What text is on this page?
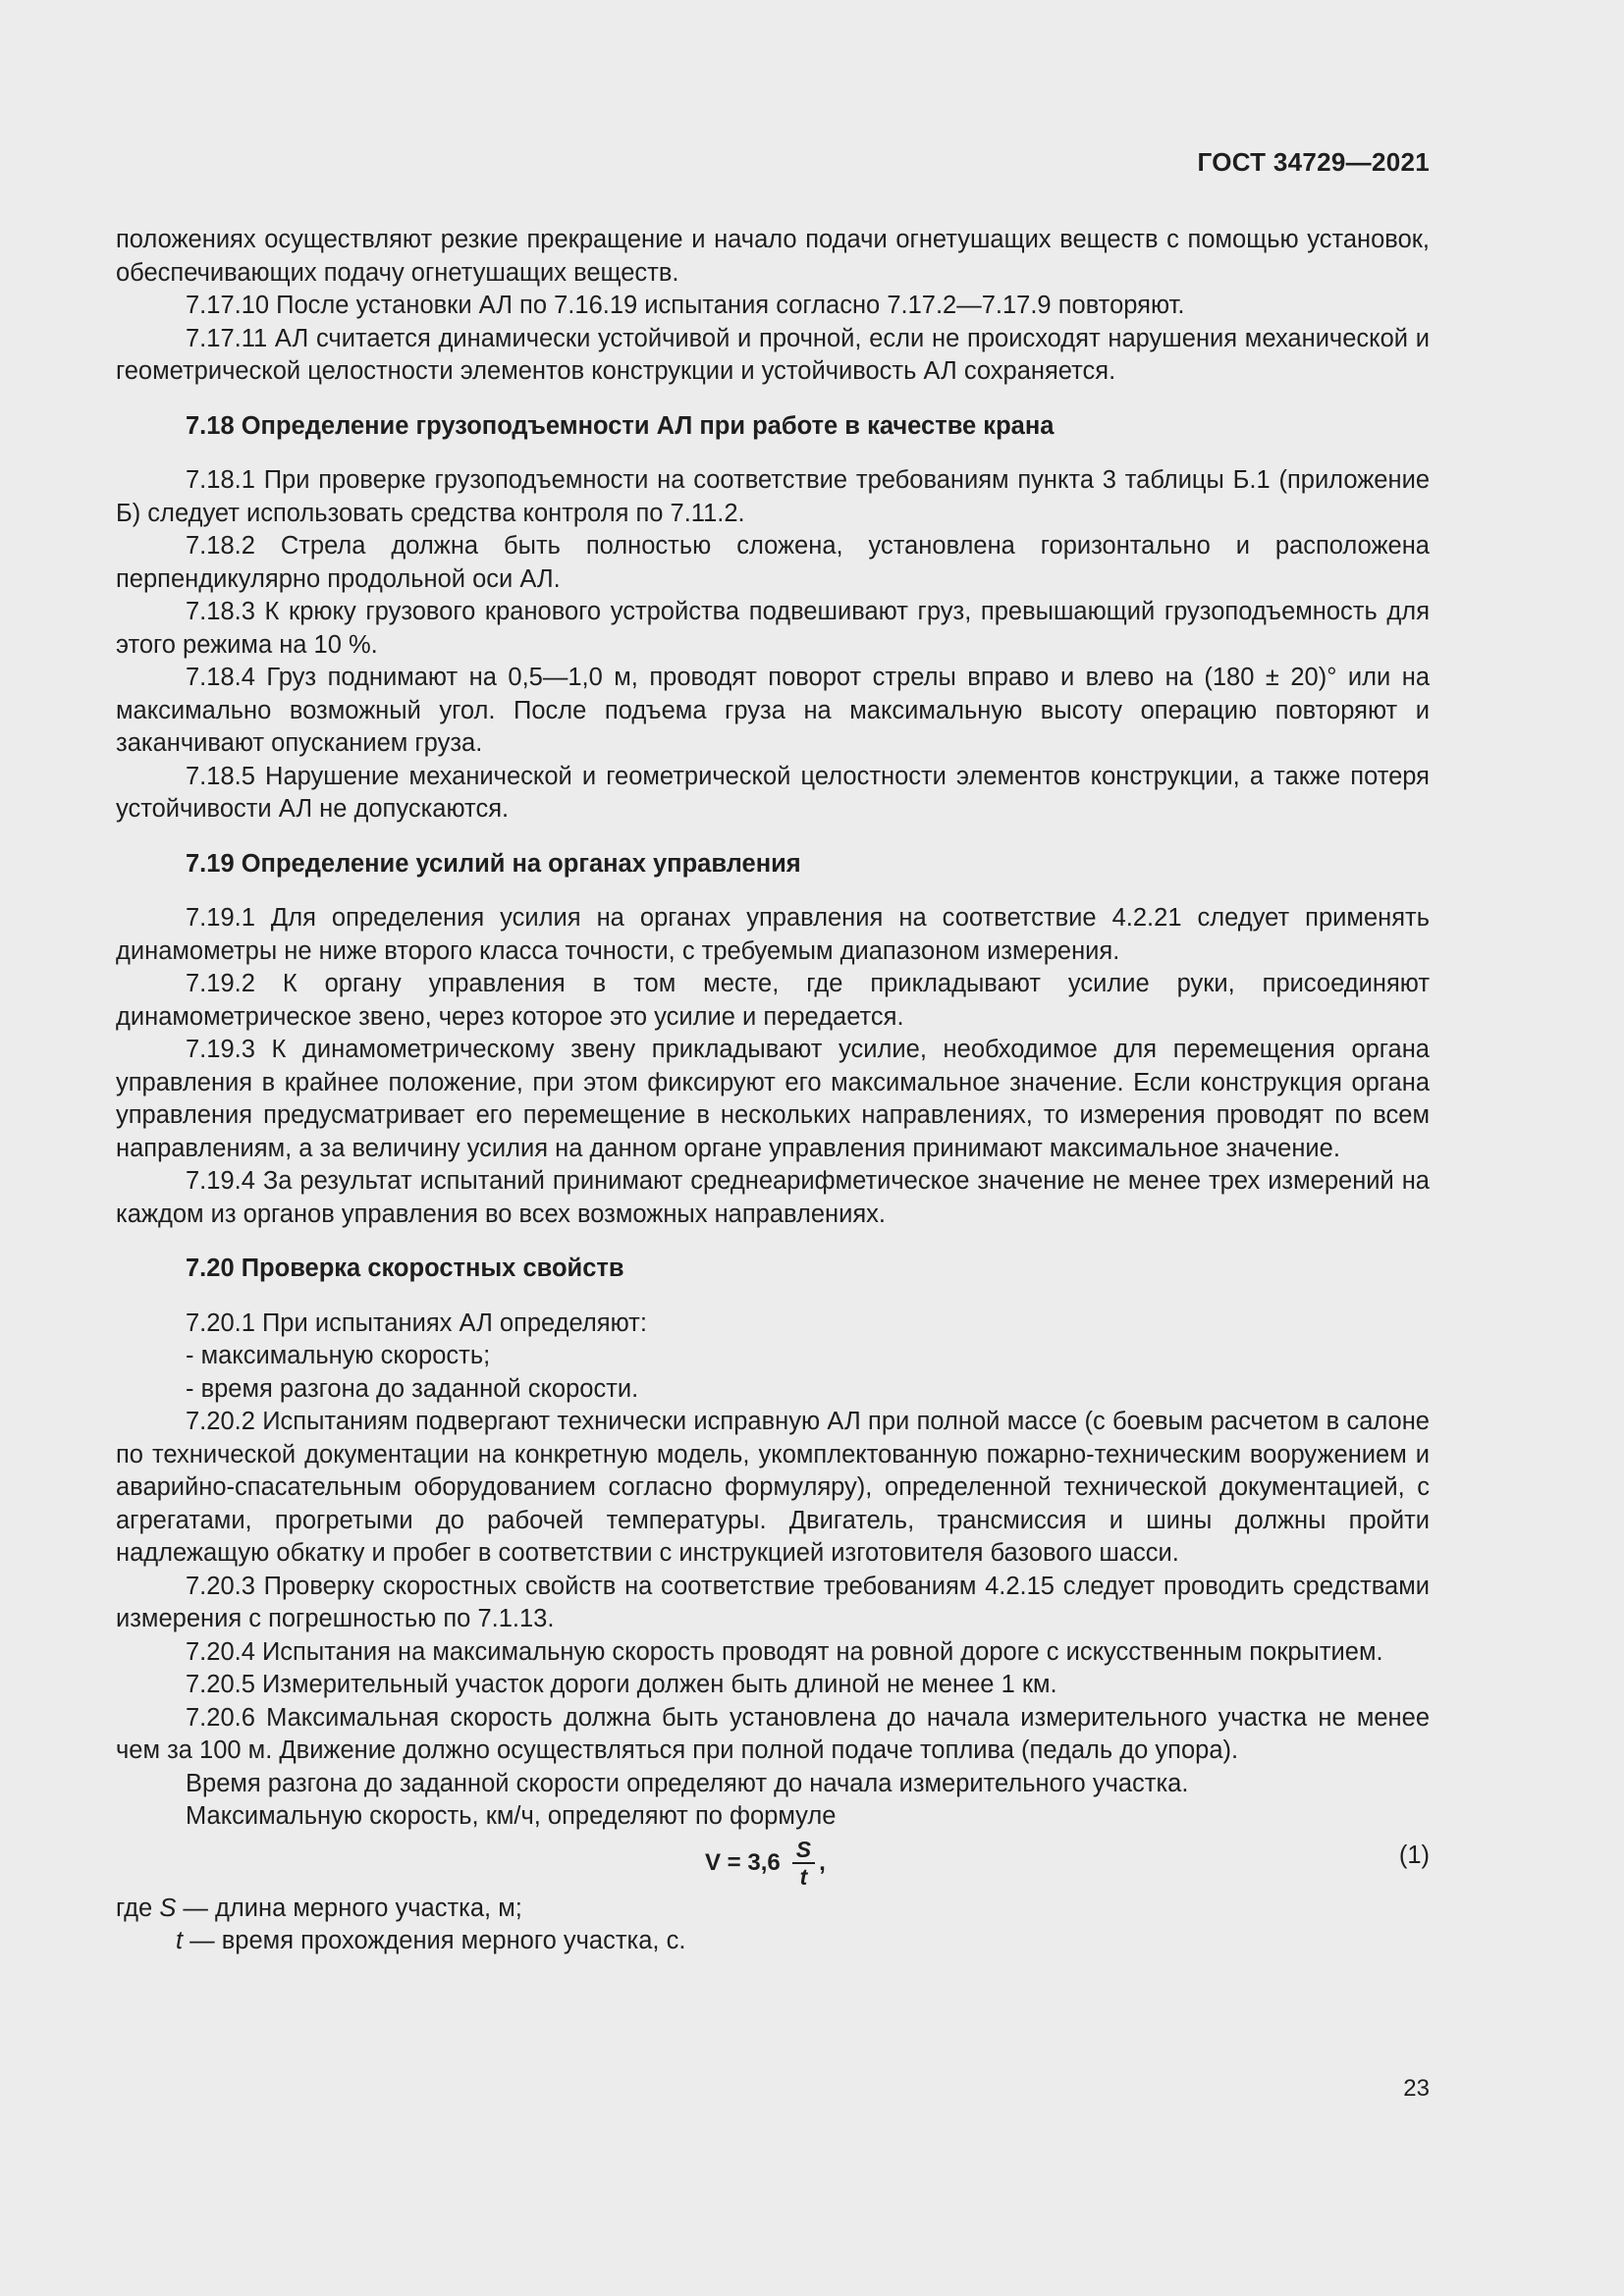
ГОСТ 34729—2021

положениях осуществляют резкие прекращение и начало подачи огнетушащих веществ с помощью установок, обеспечивающих подачу огнетушащих веществ.

7.17.10 После установки АЛ по 7.16.19 испытания согласно 7.17.2—7.17.9 повторяют.

7.17.11 АЛ считается динамически устойчивой и прочной, если не происходят нарушения механической и геометрической целостности элементов конструкции и устойчивость АЛ сохраняется.

7.18 Определение грузоподъемности АЛ при работе в качестве крана

7.18.1 При проверке грузоподъемности на соответствие требованиям пункта 3 таблицы Б.1 (приложение Б) следует использовать средства контроля по 7.11.2.

7.18.2 Стрела должна быть полностью сложена, установлена горизонтально и расположена перпендикулярно продольной оси АЛ.

7.18.3 К крюку грузового кранового устройства подвешивают груз, превышающий грузоподъемность для этого режима на 10 %.

7.18.4 Груз поднимают на 0,5—1,0 м, проводят поворот стрелы вправо и влево на (180 ± 20)° или на максимально возможный угол. После подъема груза на максимальную высоту операцию повторяют и заканчивают опусканием груза.

7.18.5 Нарушение механической и геометрической целостности элементов конструкции, а также потеря устойчивости АЛ не допускаются.

7.19 Определение усилий на органах управления

7.19.1 Для определения усилия на органах управления на соответствие 4.2.21 следует применять динамометры не ниже второго класса точности, с требуемым диапазоном измерения.

7.19.2 К органу управления в том месте, где прикладывают усилие руки, присоединяют динамометрическое звено, через которое это усилие и передается.

7.19.3 К динамометрическому звену прикладывают усилие, необходимое для перемещения органа управления в крайнее положение, при этом фиксируют его максимальное значение. Если конструкция органа управления предусматривает его перемещение в нескольких направлениях, то измерения проводят по всем направлениям, а за величину усилия на данном органе управления принимают максимальное значение.

7.19.4 За результат испытаний принимают среднеарифметическое значение не менее трех измерений на каждом из органов управления во всех возможных направлениях.

7.20 Проверка скоростных свойств

7.20.1 При испытаниях АЛ определяют:

- максимальную скорость;

- время разгона до заданной скорости.

7.20.2 Испытаниям подвергают технически исправную АЛ при полной массе (с боевым расчетом в салоне по технической документации на конкретную модель, укомплектованную пожарно-техническим вооружением и аварийно-спасательным оборудованием согласно формуляру), определенной технической документацией, с агрегатами, прогретыми до рабочей температуры. Двигатель, трансмиссия и шины должны пройти надлежащую обкатку и пробег в соответствии с инструкцией изготовителя базового шасси.

7.20.3 Проверку скоростных свойств на соответствие требованиям 4.2.15 следует проводить средствами измерения с погрешностью по 7.1.13.

7.20.4 Испытания на максимальную скорость проводят на ровной дороге с искусственным покрытием.

7.20.5 Измерительный участок дороги должен быть длиной не менее 1 км.

7.20.6 Максимальная скорость должна быть установлена до начала измерительного участка не менее чем за 100 м. Движение должно осуществляться при полной подаче топлива (педаль до упора).

Время разгона до заданной скорости определяют до начала измерительного участка.

Максимальную скорость, км/ч, определяют по формуле

$V = 3,6 \frac{S}{t}$ ,	(1)

где S — длина мерного участка, м;

t — время прохождения мерного участка, с.

23
